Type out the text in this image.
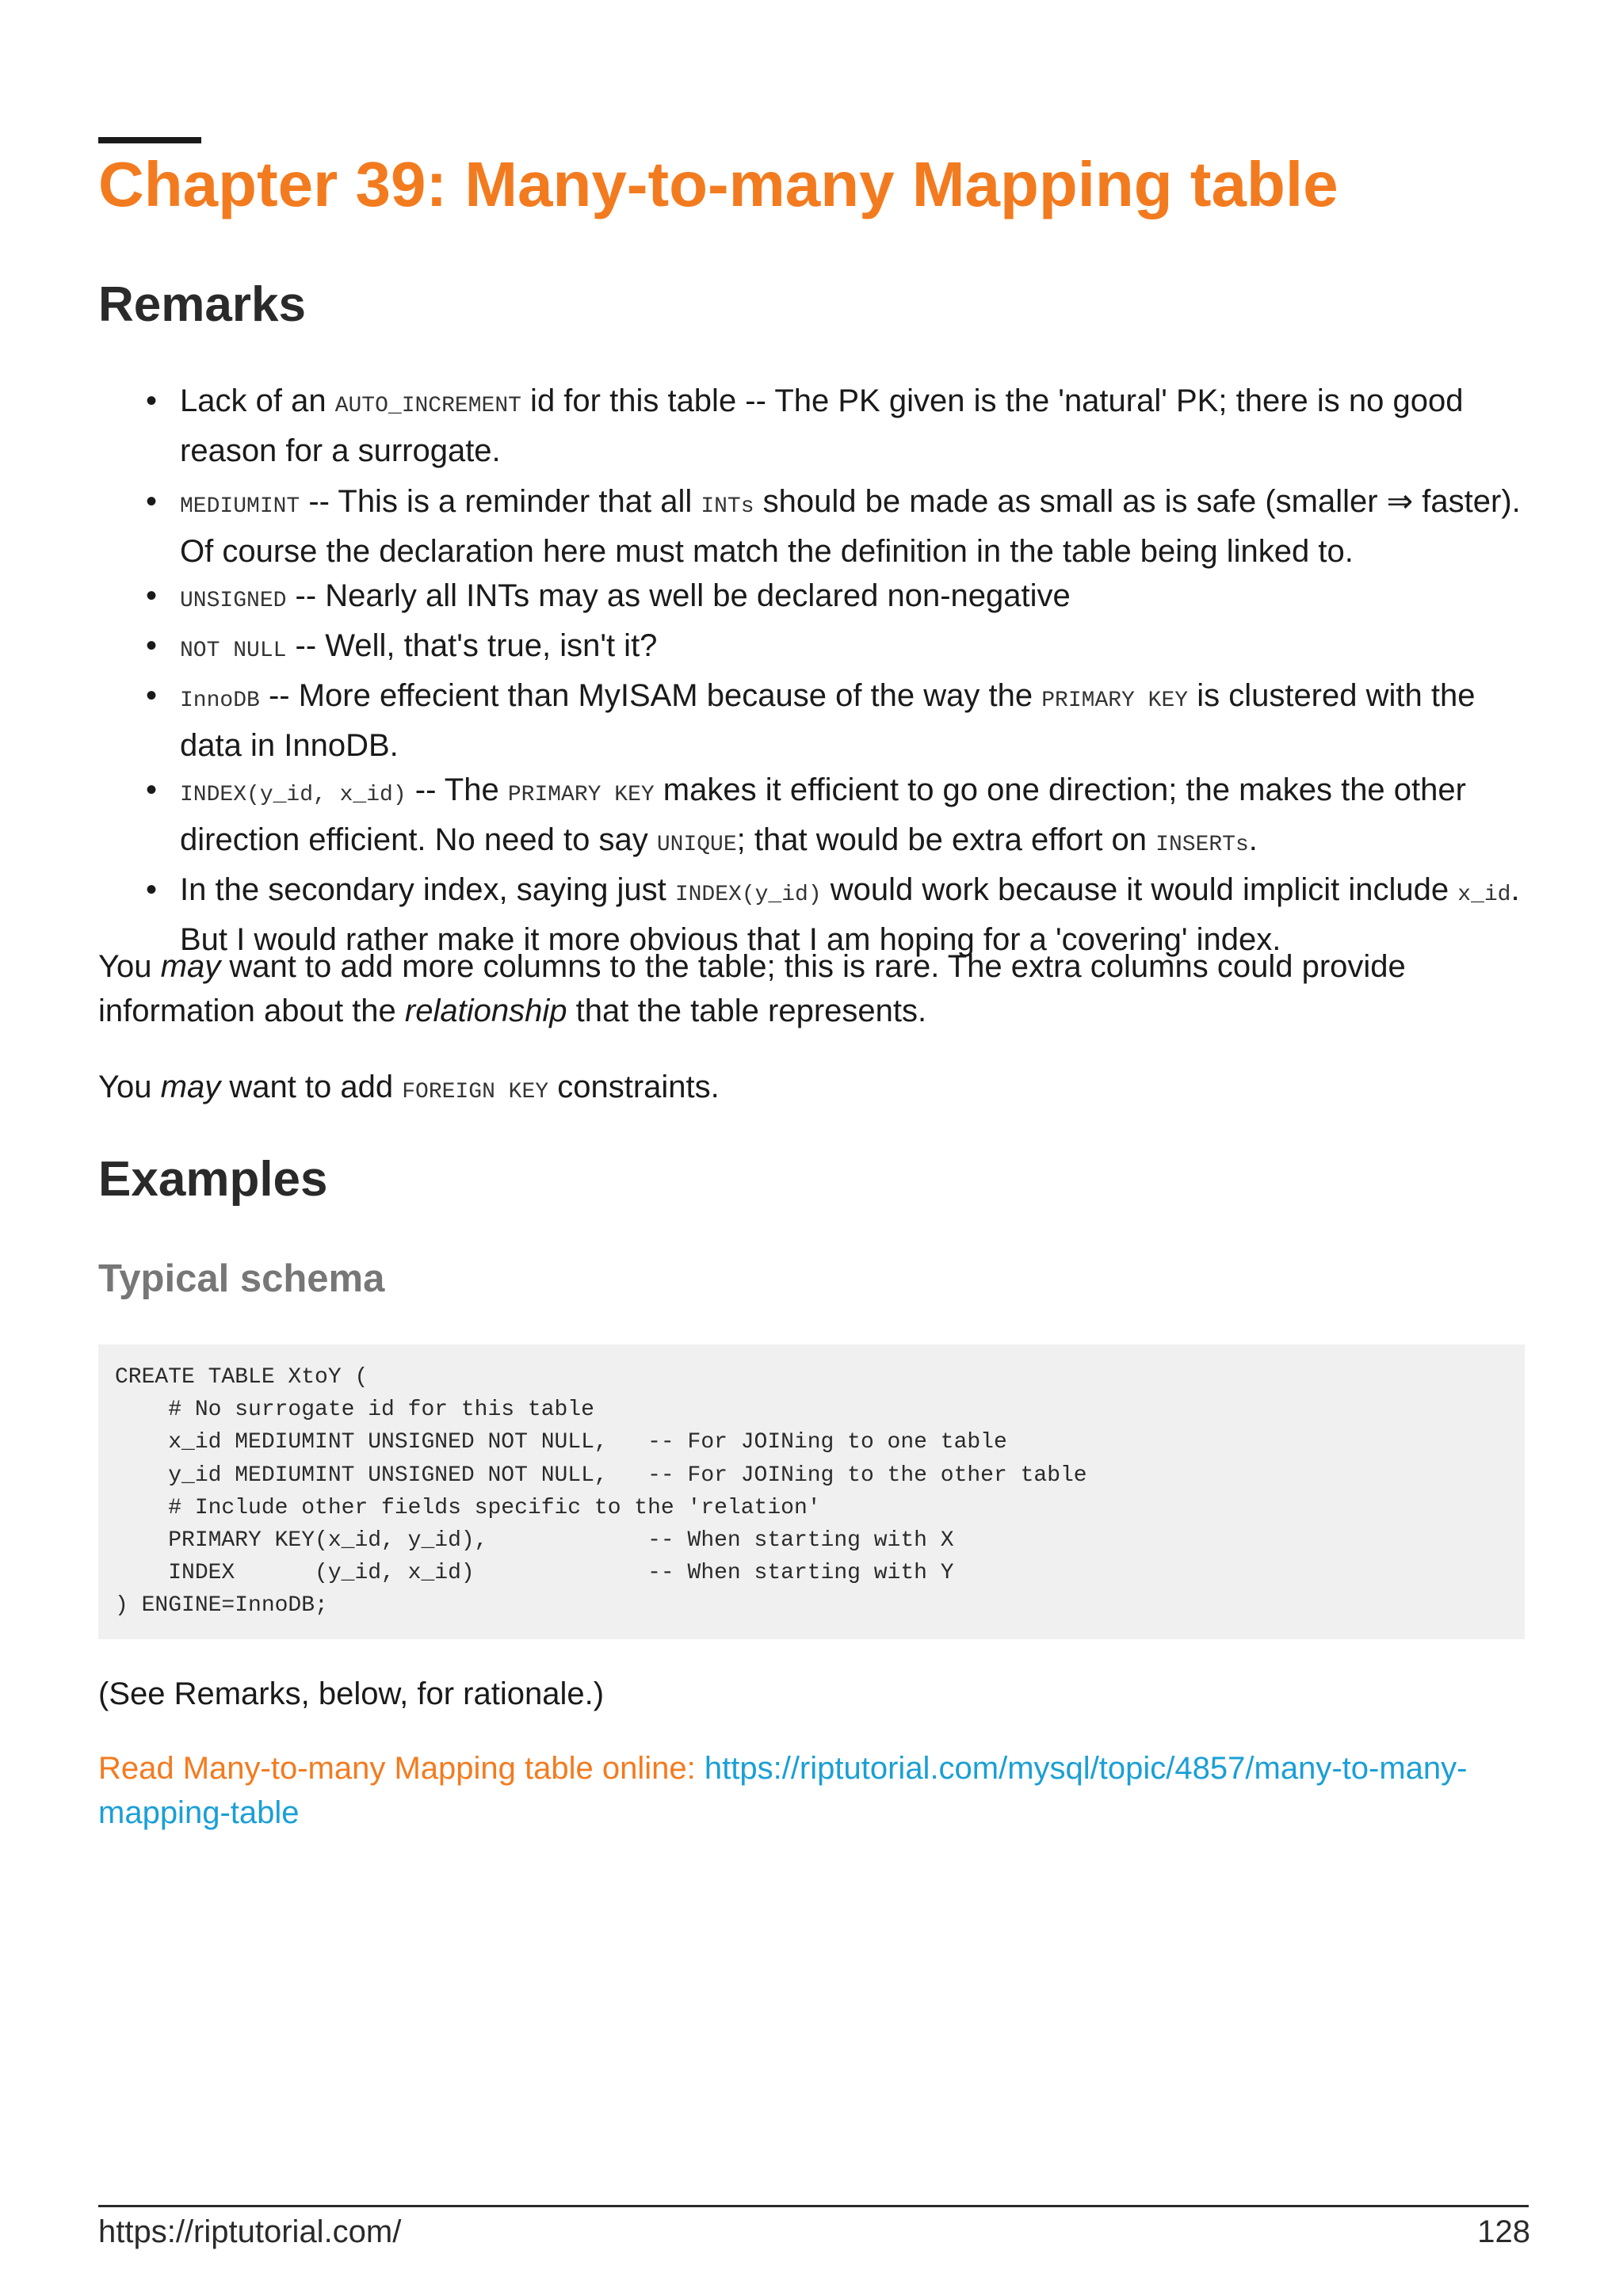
Chapter 39: Many-to-many Mapping table
Remarks
• Lack of an AUTO_INCREMENT id for this table -- The PK given is the 'natural' PK; there is no good reason for a surrogate.
• MEDIUMINT -- This is a reminder that all INTs should be made as small as is safe (smaller ⇒ faster). Of course the declaration here must match the definition in the table being linked to.
• UNSIGNED -- Nearly all INTs may as well be declared non-negative
• NOT NULL -- Well, that's true, isn't it?
• InnoDB -- More effecient than MyISAM because of the way the PRIMARY KEY is clustered with the data in InnoDB.
• INDEX(y_id, x_id) -- The PRIMARY KEY makes it efficient to go one direction; the makes the other direction efficient. No need to say UNIQUE; that would be extra effort on INSERTs.
• In the secondary index, saying just INDEX(y_id) would work because it would implicit include x_id. But I would rather make it more obvious that I am hoping for a 'covering' index.

You may want to add more columns to the table; this is rare. The extra columns could provide information about the relationship that the table represents.

You may want to add FOREIGN KEY constraints.

Examples
Typical schema
CREATE TABLE XtoY (
# No surrogate id for this table
x_id MEDIUMINT UNSIGNED NOT NULL,   -- For JOINing to one table
y_id MEDIUMINT UNSIGNED NOT NULL,   -- For JOINing to the other table
# Include other fields specific to the 'relation'
PRIMARY KEY(x_id, y_id),            -- When starting with X
INDEX      (y_id, x_id)             -- When starting with Y
) ENGINE=InnoDB;

(See Remarks, below, for rationale.)

Read Many-to-many Mapping table online: https://riptutorial.com/mysql/topic/4857/many-to-many-mapping-table

https://riptutorial.com/	128
